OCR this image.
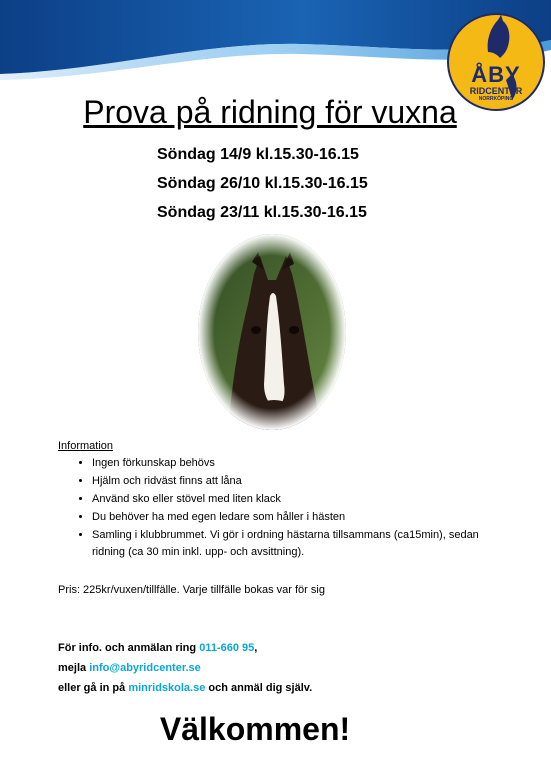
ÅBY
RIDCENTER
NORRKÖPING
Prova på ridning för vuxna
Söndag 14/9 kl.15.30-16.15
Söndag 26/10 kl.15.30-16.15
Söndag 23/11 kl.15.30-16.15
Information
• Ingen förkunskap behövs
• Hjälm och ridväst finns att låna
• Använd sko eller stövel med liten klack
• Du behöver ha med egen ledare som håller i hästen
• Samling i klubbrummet. Vi gör i ordning hästarna tillsammans (ca15min), sedan ridning (ca 30 min inkl. upp- och avsittning).
Pris: 225kr/vuxen/tillfälle. Varje tillfälle bokas var för sig
För info. och anmälan ring 011-660 95,
mejla info@abyridcenter.se
eller gå in på minridskola.se och anmäl dig själv.
Välkommen!
